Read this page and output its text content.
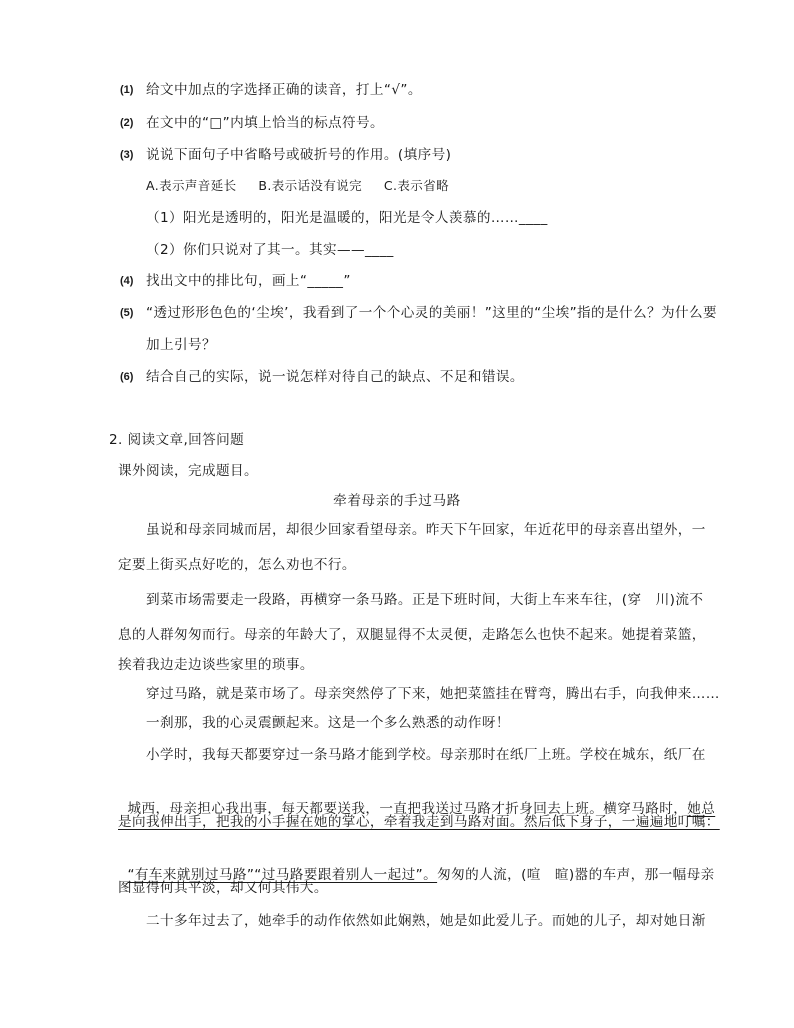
(1) 给文中加点的字选择正确的读音，打上“√”。
(2) 在文中的“□”内填上恰当的标点符号。
(3) 说说下面句子中省略号或破折号的作用。(填序号)
A.表示声音延长     B.表示话没有说完     C.表示省略
（1）阳光是透明的，阳光是温暖的，阳光是令人羡慕的……____
（2）你们只说对了其一。其实——____
(4) 找出文中的排比句，画上“_____”
(5) “透过形形色色的‘尘埃’，我看到了一个个心灵的美丽！”这里的“尘埃”指的是什么？为什么要
加上引号？
(6) 结合自己的实际，说一说怎样对待自己的缺点、不足和错误。
2. 阅读文章,回答问题
课外阅读，完成题目。
牵着母亲的手过马路
虽说和母亲同城而居，却很少回家看望母亲。昨天下午回家，年近花甲的母亲喜出望外，一
定要上街买点好吃的，怎么劝也不行。
到菜市场需要走一段路，再横穿一条马路。正是下班时间，大街上车来车往，(穿   川)流不
息的人群匆匆而行。母亲的年龄大了，双腿显得不太灵便，走路怎么也快不起来。她提着菜篮，
挨着我边走边谈些家里的琐事。
穿过马路，就是菜市场了。母亲突然停了下来，她把菜篮挂在臂弯，腾出右手，向我伸来……
一刹那，我的心灵震颤起来。这是一个多么熟悉的动作呀！
小学时，我每天都要穿过一条马路才能到学校。母亲那时在纸厂上班。学校在城东，纸厂在

城西，母亲担心我出事，每天都要送我，一直把我送过马路才折身回去上班。横穿马路时，她总

是向我伸出手，把我的小手握在她的掌心，牵着我走到马路对面。然后低下身子，一遍遍地叮嘱：

“有车来就别过马路”“过马路要跟着别人一起过”。匆匆的人流，(喧   暄)嚣的车声，那一幅母亲

图显得何其平淡，却又何其伟大。
二十多年过去了，她牵手的动作依然如此娴熟，她是如此爱儿子。而她的儿子，却对她日渐
